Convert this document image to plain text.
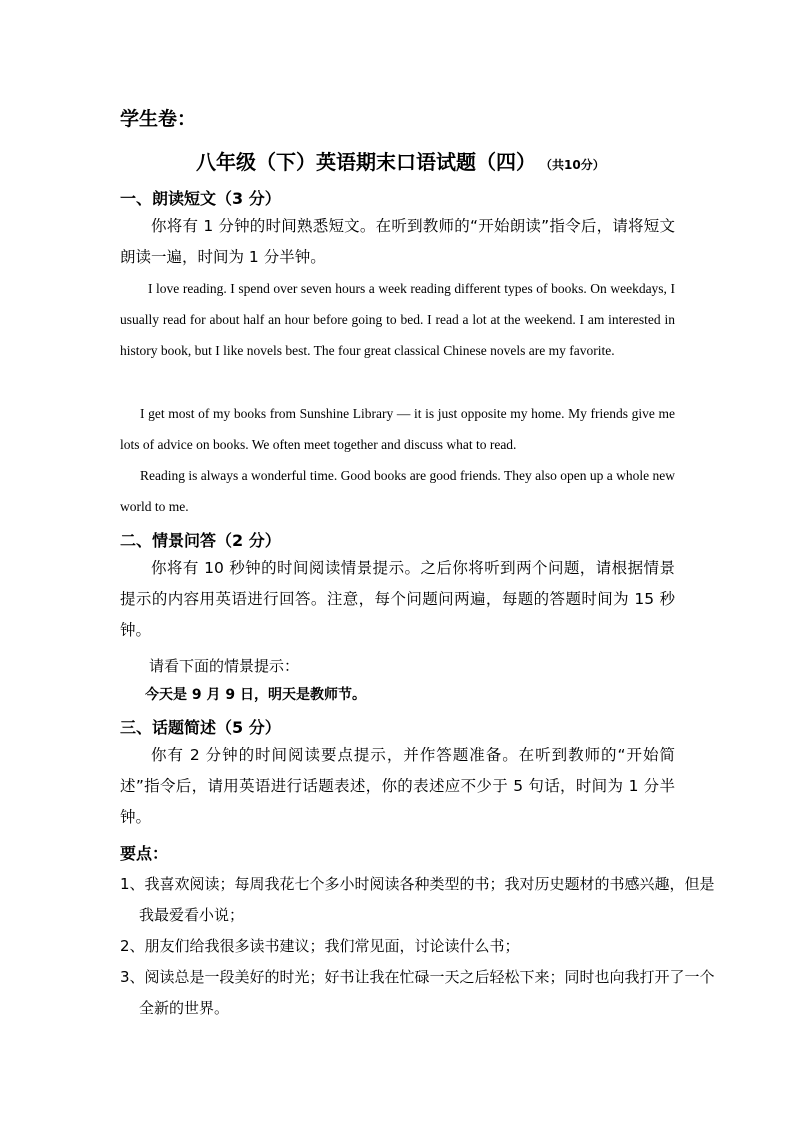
学生卷：
八年级（下）英语期末口语试题（四） （共10分）
一、朗读短文（3 分）
你将有 1 分钟的时间熟悉短文。在听到教师的“开始朗读”指令后，请将短文朗读一遍，时间为 1 分半钟。
I love reading. I spend over seven hours a week reading different types of books. On weekdays, I usually read for about half an hour before going to bed. I read a lot at the weekend. I am interested in history book, but I like novels best. The four great classical Chinese novels are my favorite.
I get most of my books from Sunshine Library — it is just opposite my home. My friends give me lots of advice on books. We often meet together and discuss what to read.
Reading is always a wonderful time. Good books are good friends. They also open up a whole new world to me.
二、情景问答（2 分）
你将有 10 秒钟的时间阅读情景提示。之后你将听到两个问题，请根据情景提示的内容用英语进行回答。注意，每个问题问两遍，每题的答题时间为 15 秒钟。
请看下面的情景提示：
今天是 9 月 9 日，明天是教师节。
三、话题简述（5 分）
你有 2 分钟的时间阅读要点提示，并作答题准备。在听到教师的“开始简述”指令后，请用英语进行话题表述，你的表述应不少于 5 句话，时间为 1 分半钟。
要点：
1、我喜欢阅读；每周我花七个多小时阅读各种类型的书；我对历史题材的书感兴趣，但是
我最爱看小说；
2、朋友们给我很多读书建议；我们常见面，讨论读什么书；
3、阅读总是一段美好的时光；好书让我在忙碌一天之后轻松下来；同时也向我打开了一个
全新的世界。
